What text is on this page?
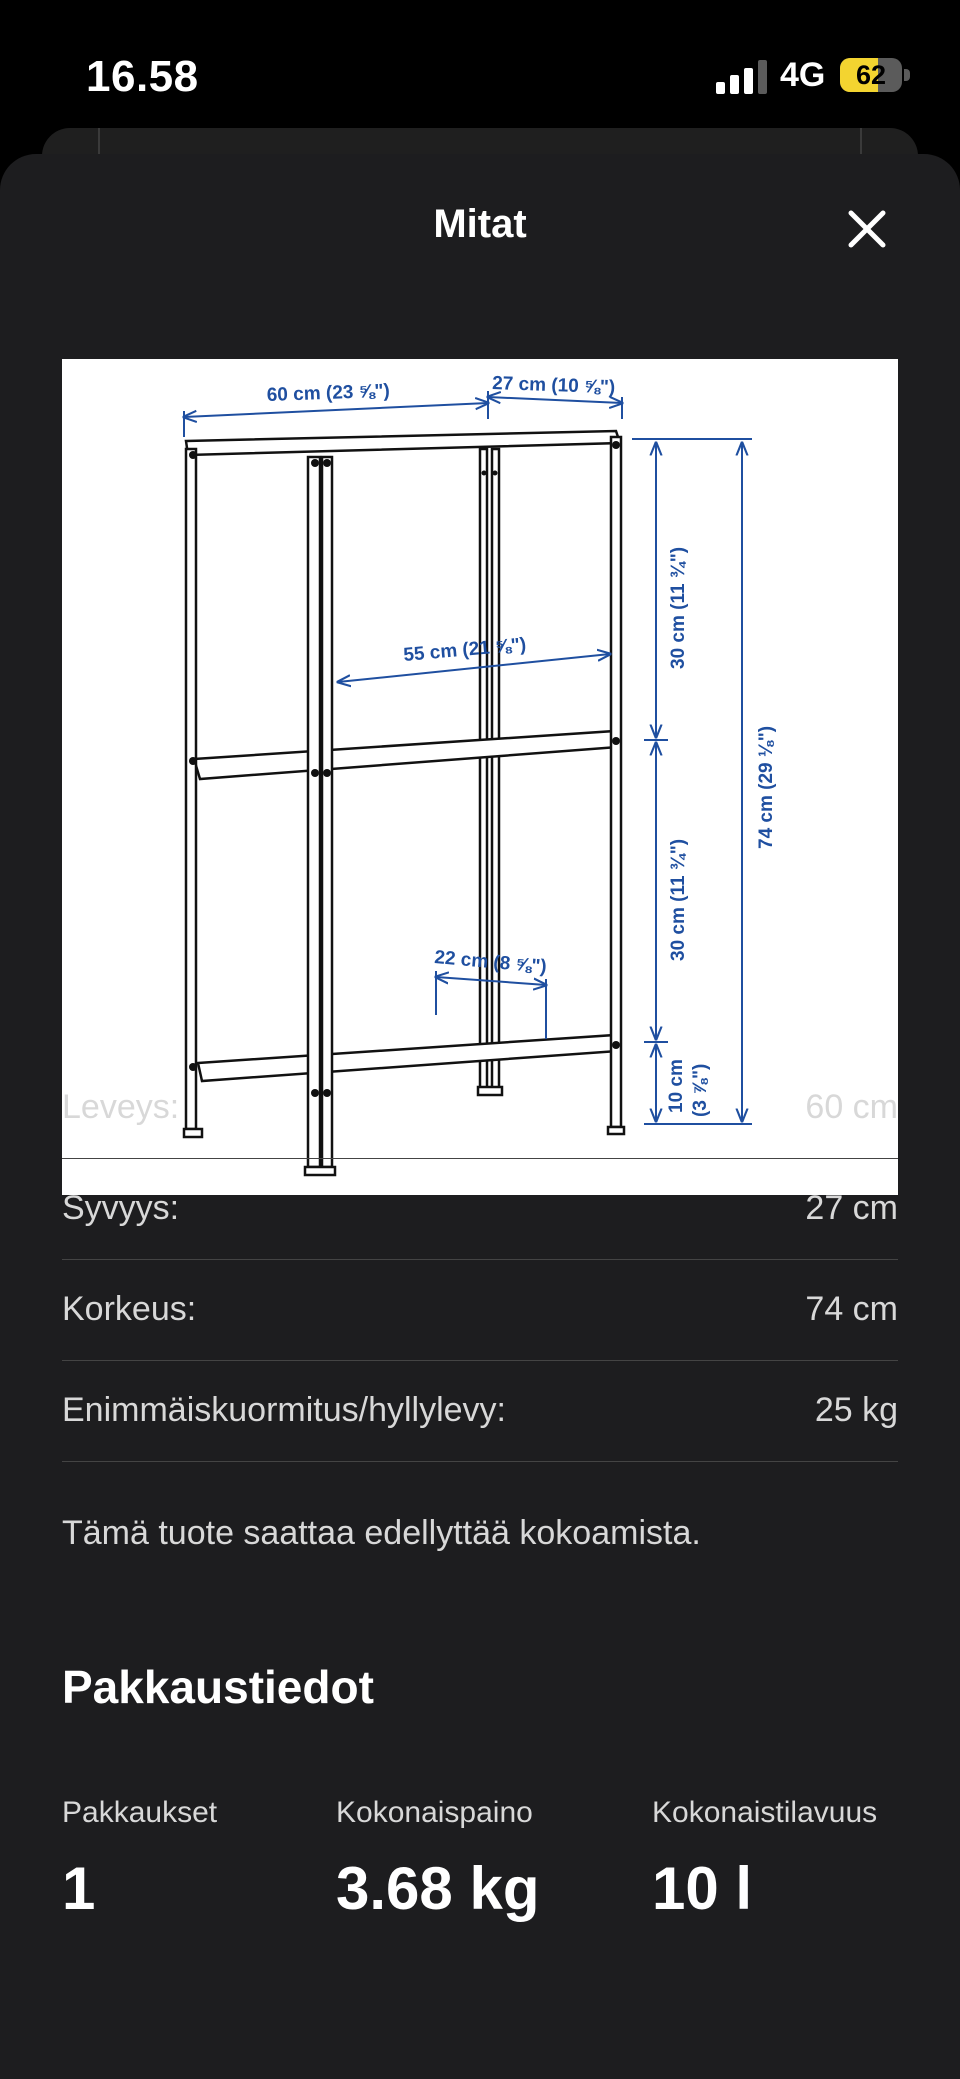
16.58	4G	62
Mitat
60 cm (23 ⅝")	27 cm (10 ⅝")
55 cm (21 ⅝")
22 cm (8 ⅝")
30 cm (11 ¾")
30 cm (11 ¾")
10 cm (3 ⅞")
74 cm (29 ⅛")
Leveys:	60 cm
Syvyys:	27 cm
Korkeus:	74 cm
Enimmäiskuormitus/hyllylevy:	25 kg
Tämä tuote saattaa edellyttää kokoamista.
Pakkaustiedot
Pakkaukset
1
Kokonaispaino
3.68 kg
Kokonaistilavuus
10 l
